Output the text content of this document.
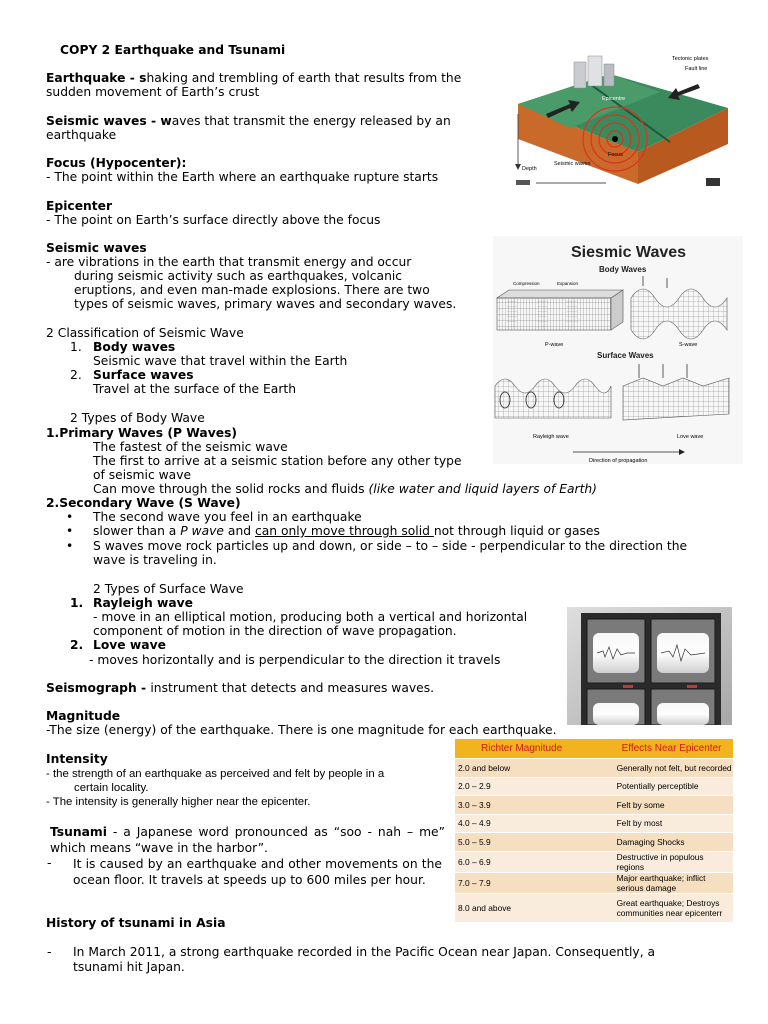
COPY 2 Earthquake and Tsunami
Earthquake - shaking and trembling of earth that results from the
sudden movement of Earth’s crust
Seismic waves - waves that transmit the energy released by an
earthquake
Focus (Hypocenter):
- The point within the Earth where an earthquake rupture starts
Epicenter
- The point on Earth’s surface directly above the focus
Seismic waves
- are vibrations in the earth that transmit energy and occur
during seismic activity such as earthquakes, volcanic
eruptions, and even man-made explosions. There are two
types of seismic waves, primary waves and secondary waves.
2 Classification of Seismic Wave
1. Body waves
Seismic wave that travel within the Earth
2. Surface waves
Travel at the surface of the Earth
2 Types of Body Wave
1.Primary Waves (P Waves)
The fastest of the seismic wave
The first to arrive at a seismic station before any other type
of seismic wave
Can move through the solid rocks and fluids (like water and liquid layers of Earth)
2.Secondary Wave (S Wave)
• The second wave you feel in an earthquake
• slower than a P wave and can only move through solid not through liquid or gases
• S waves move rock particles up and down, or side – to – side - perpendicular to the direction the
wave is traveling in.
2 Types of Surface Wave
1. Rayleigh wave
- move in an elliptical motion, producing both a vertical and horizontal
component of motion in the direction of wave propagation.
2. Love wave
- moves horizontally and is perpendicular to the direction it travels
Seismograph - instrument that detects and measures waves.
Magnitude
-The size (energy) of the earthquake. There is one magnitude for each earthquake.
Intensity
- the strength of an earthquake as perceived and felt by people in a
certain locality.
- The intensity is generally higher near the epicenter.
Tsunami - a Japanese word pronounced as “soo - nah – me” which means “wave in the harbor”.
- It is caused by an earthquake and other movements on the ocean floor. It travels at speeds up to 600 miles per hour.
History of tsunami in Asia
- In March 2011, a strong earthquake recorded in the Pacific Ocean near Japan. Consequently, a
tsunami hit Japan.
Tectonic plates
Fault line
Epicentre
Focus
Seismic waves
Depth
Siesmic Waves
Body Waves
Compression	Expansion
P-wave	S-wave
Surface Waves
Rayleigh wave	Love wave
Direction of propagation
Richter Magnitude	Effects Near Epicenter
2.0 and below	Generally not felt, but recorded
2.0 – 2.9	Potentially perceptible
3.0 – 3.9	Felt by some
4.0 – 4.9	Felt by most
5.0 – 5.9	Damaging Shocks
6.0 – 6.9	Destructive in populous regions
7.0 – 7.9	Major earthquake; inflict serious damage
8.0 and above	Great earthquake; Destroys communities near epicenterr
